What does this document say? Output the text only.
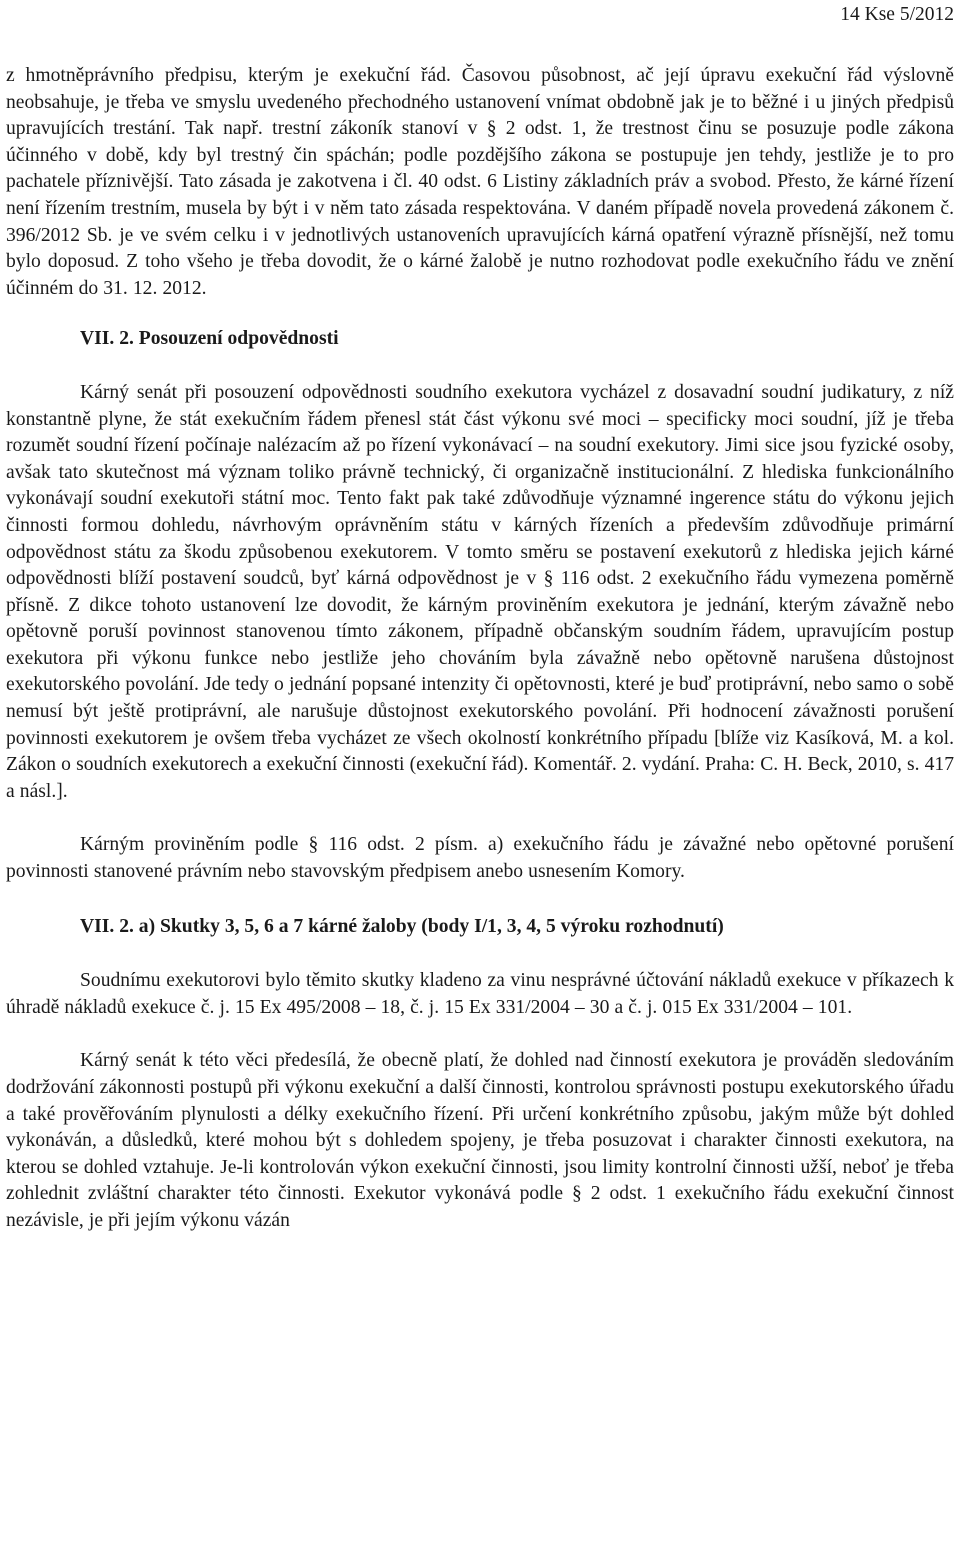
14 Kse 5/2012

z hmotněprávního předpisu, kterým je exekuční řád. Časovou působnost, ač její úpravu exekuční řád výslovně neobsahuje, je třeba ve smyslu uvedeného přechodného ustanovení vnímat obdobně jak je to běžné i u jiných předpisů upravujících trestání. Tak např. trestní zákoník stanoví v § 2 odst. 1, že trestnost činu se posuzuje podle zákona účinného v době, kdy byl trestný čin spáchán; podle pozdějšího zákona se postupuje jen tehdy, jestliže je to pro pachatele příznivější. Tato zásada je zakotvena i čl. 40 odst. 6 Listiny základních práv a svobod. Přesto, že kárné řízení není řízením trestním, musela by být i v něm tato zásada respektována. V daném případě novela provedená zákonem č. 396/2012 Sb. je ve svém celku i v jednotlivých ustanoveních upravujících kárná opatření výrazně přísnější, než tomu bylo doposud. Z toho všeho je třeba dovodit, že o kárné žalobě je nutno rozhodovat podle exekučního řádu ve znění účinném do 31. 12. 2012.

VII. 2. Posouzení odpovědnosti

Kárný senát při posouzení odpovědnosti soudního exekutora vycházel z dosavadní soudní judikatury, z níž konstantně plyne, že stát exekučním řádem přenesl stát část výkonu své moci – specificky moci soudní, jíž je třeba rozumět soudní řízení počínaje nalézacím až po řízení vykonávací – na soudní exekutory. Jimi sice jsou fyzické osoby, avšak tato skutečnost má význam toliko právně technický, či organizačně institucionální. Z hlediska funkcionálního vykonávají soudní exekutoři státní moc. Tento fakt pak také zdůvodňuje významné ingerence státu do výkonu jejich činnosti formou dohledu, návrhovým oprávněním státu v kárných řízeních a především zdůvodňuje primární odpovědnost státu za škodu způsobenou exekutorem. V tomto směru se postavení exekutorů z hlediska jejich kárné odpovědnosti blíží postavení soudců, byť kárná odpovědnost je v § 116 odst. 2 exekučního řádu vymezena poměrně přísně. Z dikce tohoto ustanovení lze dovodit, že kárným proviněním exekutora je jednání, kterým závažně nebo opětovně poruší povinnost stanovenou tímto zákonem, případně občanským soudním řádem, upravujícím postup exekutora při výkonu funkce nebo jestliže jeho chováním byla závažně nebo opětovně narušena důstojnost exekutorského povolání. Jde tedy o jednání popsané intenzity či opětovnosti, které je buď protiprávní, nebo samo o sobě nemusí být ještě protiprávní, ale narušuje důstojnost exekutorského povolání. Při hodnocení závažnosti porušení povinnosti exekutorem je ovšem třeba vycházet ze všech okolností konkrétního případu [blíže viz Kasíková, M. a kol. Zákon o soudních exekutorech a exekuční činnosti (exekuční řád). Komentář. 2. vydání. Praha: C. H. Beck, 2010, s. 417 a násl.].

Kárným proviněním podle § 116 odst. 2 písm. a) exekučního řádu je závažné nebo opětovné porušení povinnosti stanovené právním nebo stavovským předpisem anebo usnesením Komory.

VII. 2. a) Skutky 3, 5, 6 a 7 kárné žaloby (body I/1, 3, 4, 5 výroku rozhodnutí)

Soudnímu exekutorovi bylo těmito skutky kladeno za vinu nesprávné účtování nákladů exekuce v příkazech k úhradě nákladů exekuce č. j. 15 Ex 495/2008 – 18, č. j. 15 Ex 331/2004 – 30 a č. j. 015 Ex 331/2004 – 101.

Kárný senát k této věci předesílá, že obecně platí, že dohled nad činností exekutora je prováděn sledováním dodržování zákonnosti postupů při výkonu exekuční a další činnosti, kontrolou správnosti postupu exekutorského úřadu a také prověřováním plynulosti a délky exekučního řízení. Při určení konkrétního způsobu, jakým může být dohled vykonáván, a důsledků, které mohou být s dohledem spojeny, je třeba posuzovat i charakter činnosti exekutora, na kterou se dohled vztahuje. Je-li kontrolován výkon exekuční činnosti, jsou limity kontrolní činnosti užší, neboť je třeba zohlednit zvláštní charakter této činnosti. Exekutor vykonává podle § 2 odst. 1 exekučního řádu exekuční činnost nezávisle, je při jejím výkonu vázán
